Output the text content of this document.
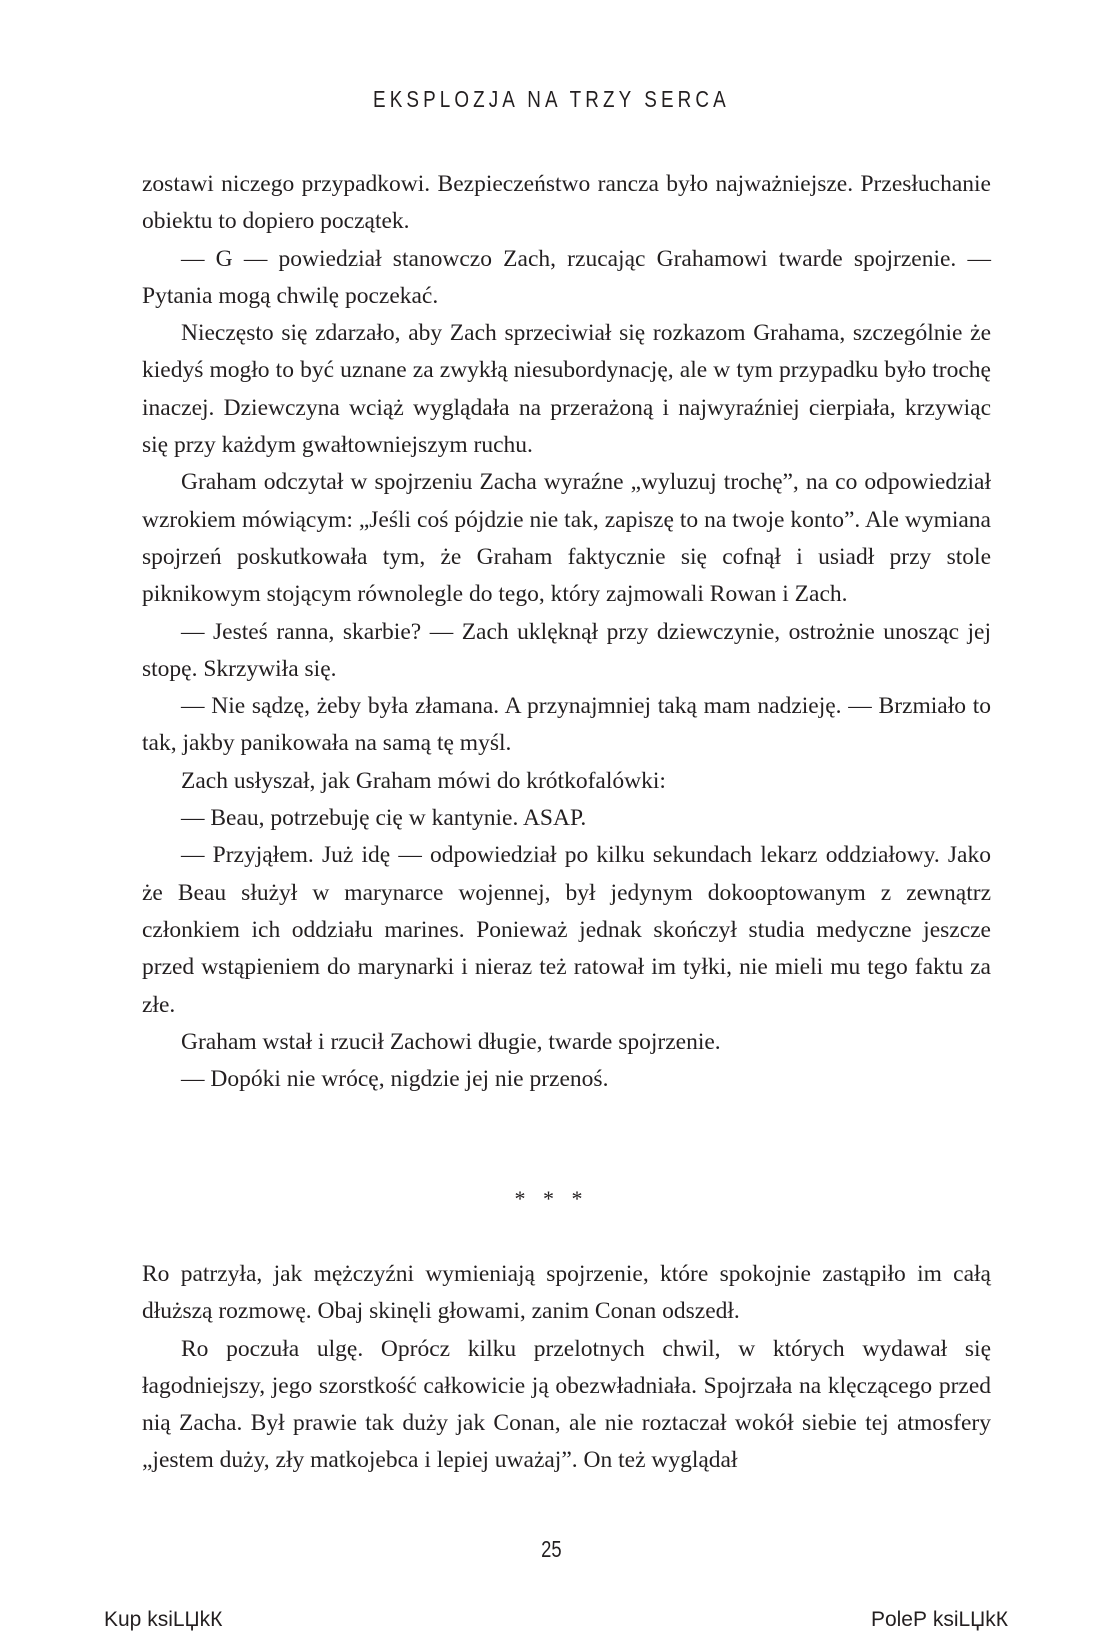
EKSPLOZJA NA TRZY SERCA

zostawi niczego przypadkowi. Bezpieczeństwo rancza było najważniejsze. Przesłuchanie obiektu to dopiero początek.

— G — powiedział stanowczo Zach, rzucając Grahamowi twarde spojrzenie. — Pytania mogą chwilę poczekać.

Nieczęsto się zdarzało, aby Zach sprzeciwiał się rozkazom Grahama, szczególnie że kiedyś mogło to być uznane za zwykłą niesubordynację, ale w tym przypadku było trochę inaczej. Dziewczyna wciąż wyglądała na przerażoną i najwyraźniej cierpiała, krzywiąc się przy każdym gwałtowniejszym ruchu.

Graham odczytał w spojrzeniu Zacha wyraźne „wyluzuj trochę”, na co odpowiedział wzrokiem mówiącym: „Jeśli coś pójdzie nie tak, zapiszę to na twoje konto”. Ale wymiana spojrzeń poskutkowała tym, że Graham faktycznie się cofnął i usiadł przy stole piknikowym stojącym równolegle do tego, który zajmowali Rowan i Zach.

— Jesteś ranna, skarbie? — Zach uklęknął przy dziewczynie, ostrożnie unosząc jej stopę. Skrzywiła się.

— Nie sądzę, żeby była złamana. A przynajmniej taką mam nadzieję. — Brzmiało to tak, jakby panikowała na samą tę myśl.

Zach usłyszał, jak Graham mówi do krótkofalówki:

— Beau, potrzebuję cię w kantynie. ASAP.

— Przyjąłem. Już idę — odpowiedział po kilku sekundach lekarz oddziałowy. Jako że Beau służył w marynarce wojennej, był jedynym dokooptowanym z zewnątrz członkiem ich oddziału marines. Ponieważ jednak skończył studia medyczne jeszcze przed wstąpieniem do marynarki i nieraz też ratował im tyłki, nie mieli mu tego faktu za złe.

Graham wstał i rzucił Zachowi długie, twarde spojrzenie.

— Dopóki nie wrócę, nigdzie jej nie przenoś.

* * *

Ro patrzyła, jak mężczyźni wymieniają spojrzenie, które spokojnie zastąpiło im całą dłuższą rozmowę. Obaj skinęli głowami, zanim Conan odszedł.

Ro poczuła ulgę. Oprócz kilku przelotnych chwil, w których wydawał się łagodniejszy, jego szorstkość całkowicie ją obezwładniała. Spojrzała na klęczącego przed nią Zacha. Był prawie tak duży jak Conan, ale nie roztaczał wokół siebie tej atmosfery „jestem duży, zły matkojebca i lepiej uważaj”. On też wyglądał

25
Kup ksiLЏkК	PoleР ksiLЏkК
